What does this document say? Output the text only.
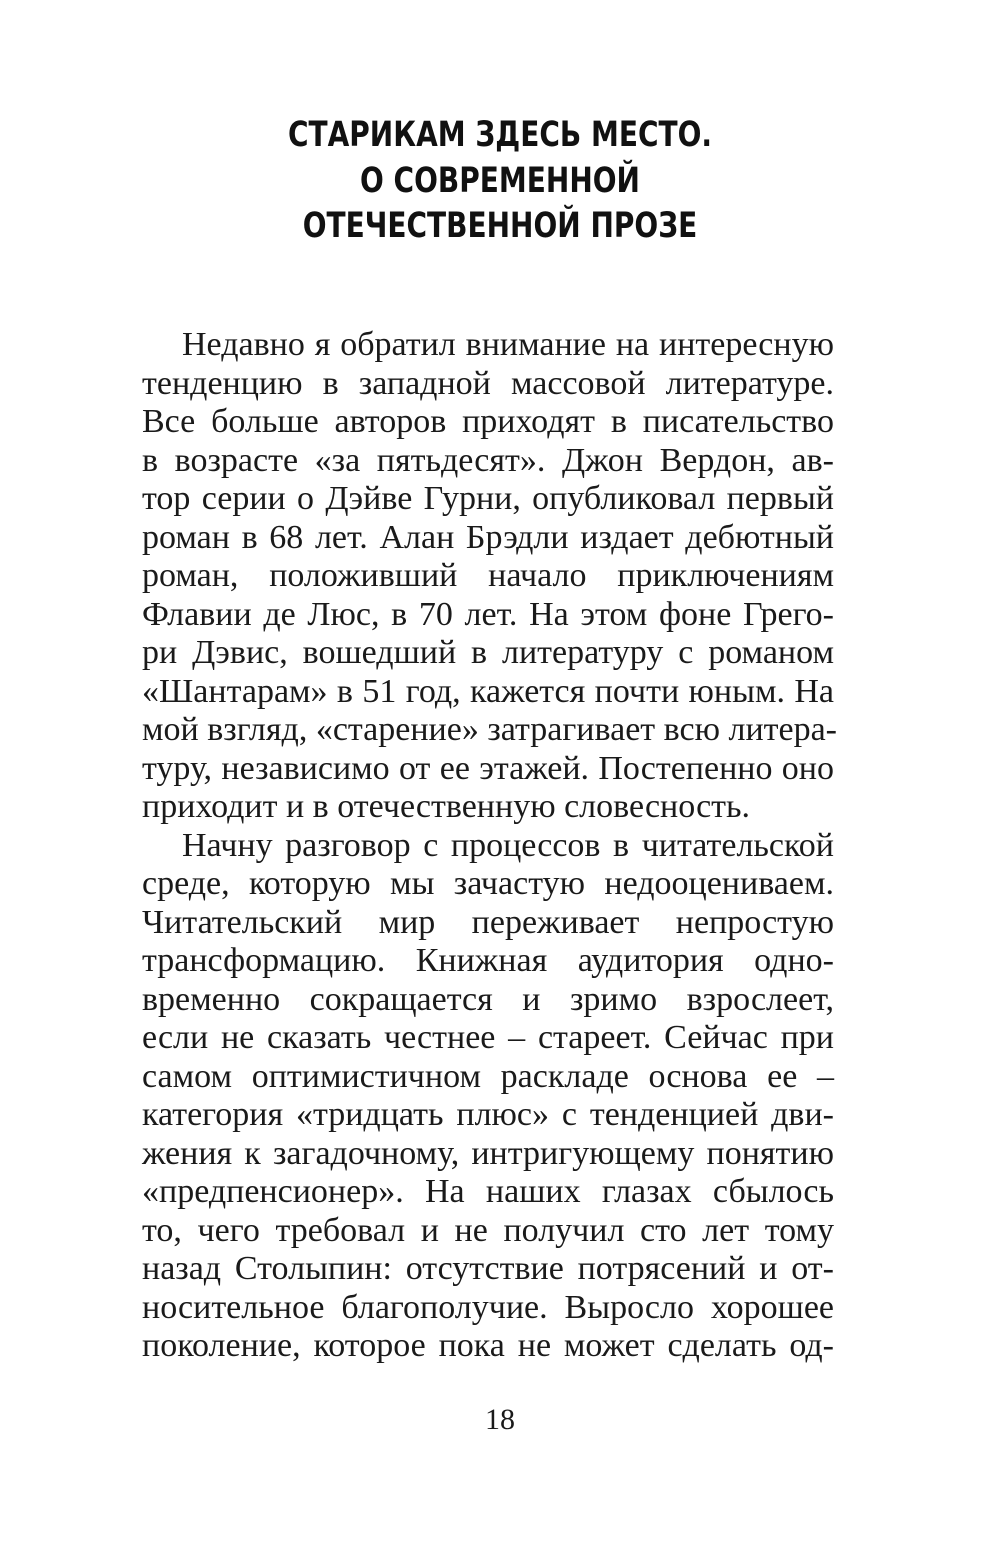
СТАРИКАМ ЗДЕСЬ МЕСТО.
О СОВРЕМЕННОЙ
ОТЕЧЕСТВЕННОЙ ПРОЗЕ
Недавно я обратил внимание на интересную
тенденцию в западной массовой литературе.
Все больше авторов приходят в писательство
в возрасте «за пятьдесят». Джон Вердон, ав-
тор серии о Дэйве Гурни, опубликовал первый
роман в 68 лет. Алан Брэдли издает дебютный
роман, положивший начало приключениям
Флавии де Люс, в 70 лет. На этом фоне Грего-
ри Дэвис, вошедший в литературу с романом
«Шантарам» в 51 год, кажется почти юным. На
мой взгляд, «старение» затрагивает всю литера-
туру, независимо от ее этажей. Постепенно оно
приходит и в отечественную словесность.
Начну разговор с процессов в читательской
среде, которую мы зачастую недооцениваем.
Читательский мир переживает непростую
трансформацию. Книжная аудитория одно-
временно сокращается и зримо взрослеет,
если не сказать честнее – стареет. Сейчас при
самом оптимистичном раскладе основа ее –
категория «тридцать плюс» с тенденцией дви-
жения к загадочному, интригующему понятию
«предпенсионер». На наших глазах сбылось
то, чего требовал и не получил сто лет тому
назад Столыпин: отсутствие потрясений и от-
носительное благополучие. Выросло хорошее
поколение, которое пока не может сделать од-
18
